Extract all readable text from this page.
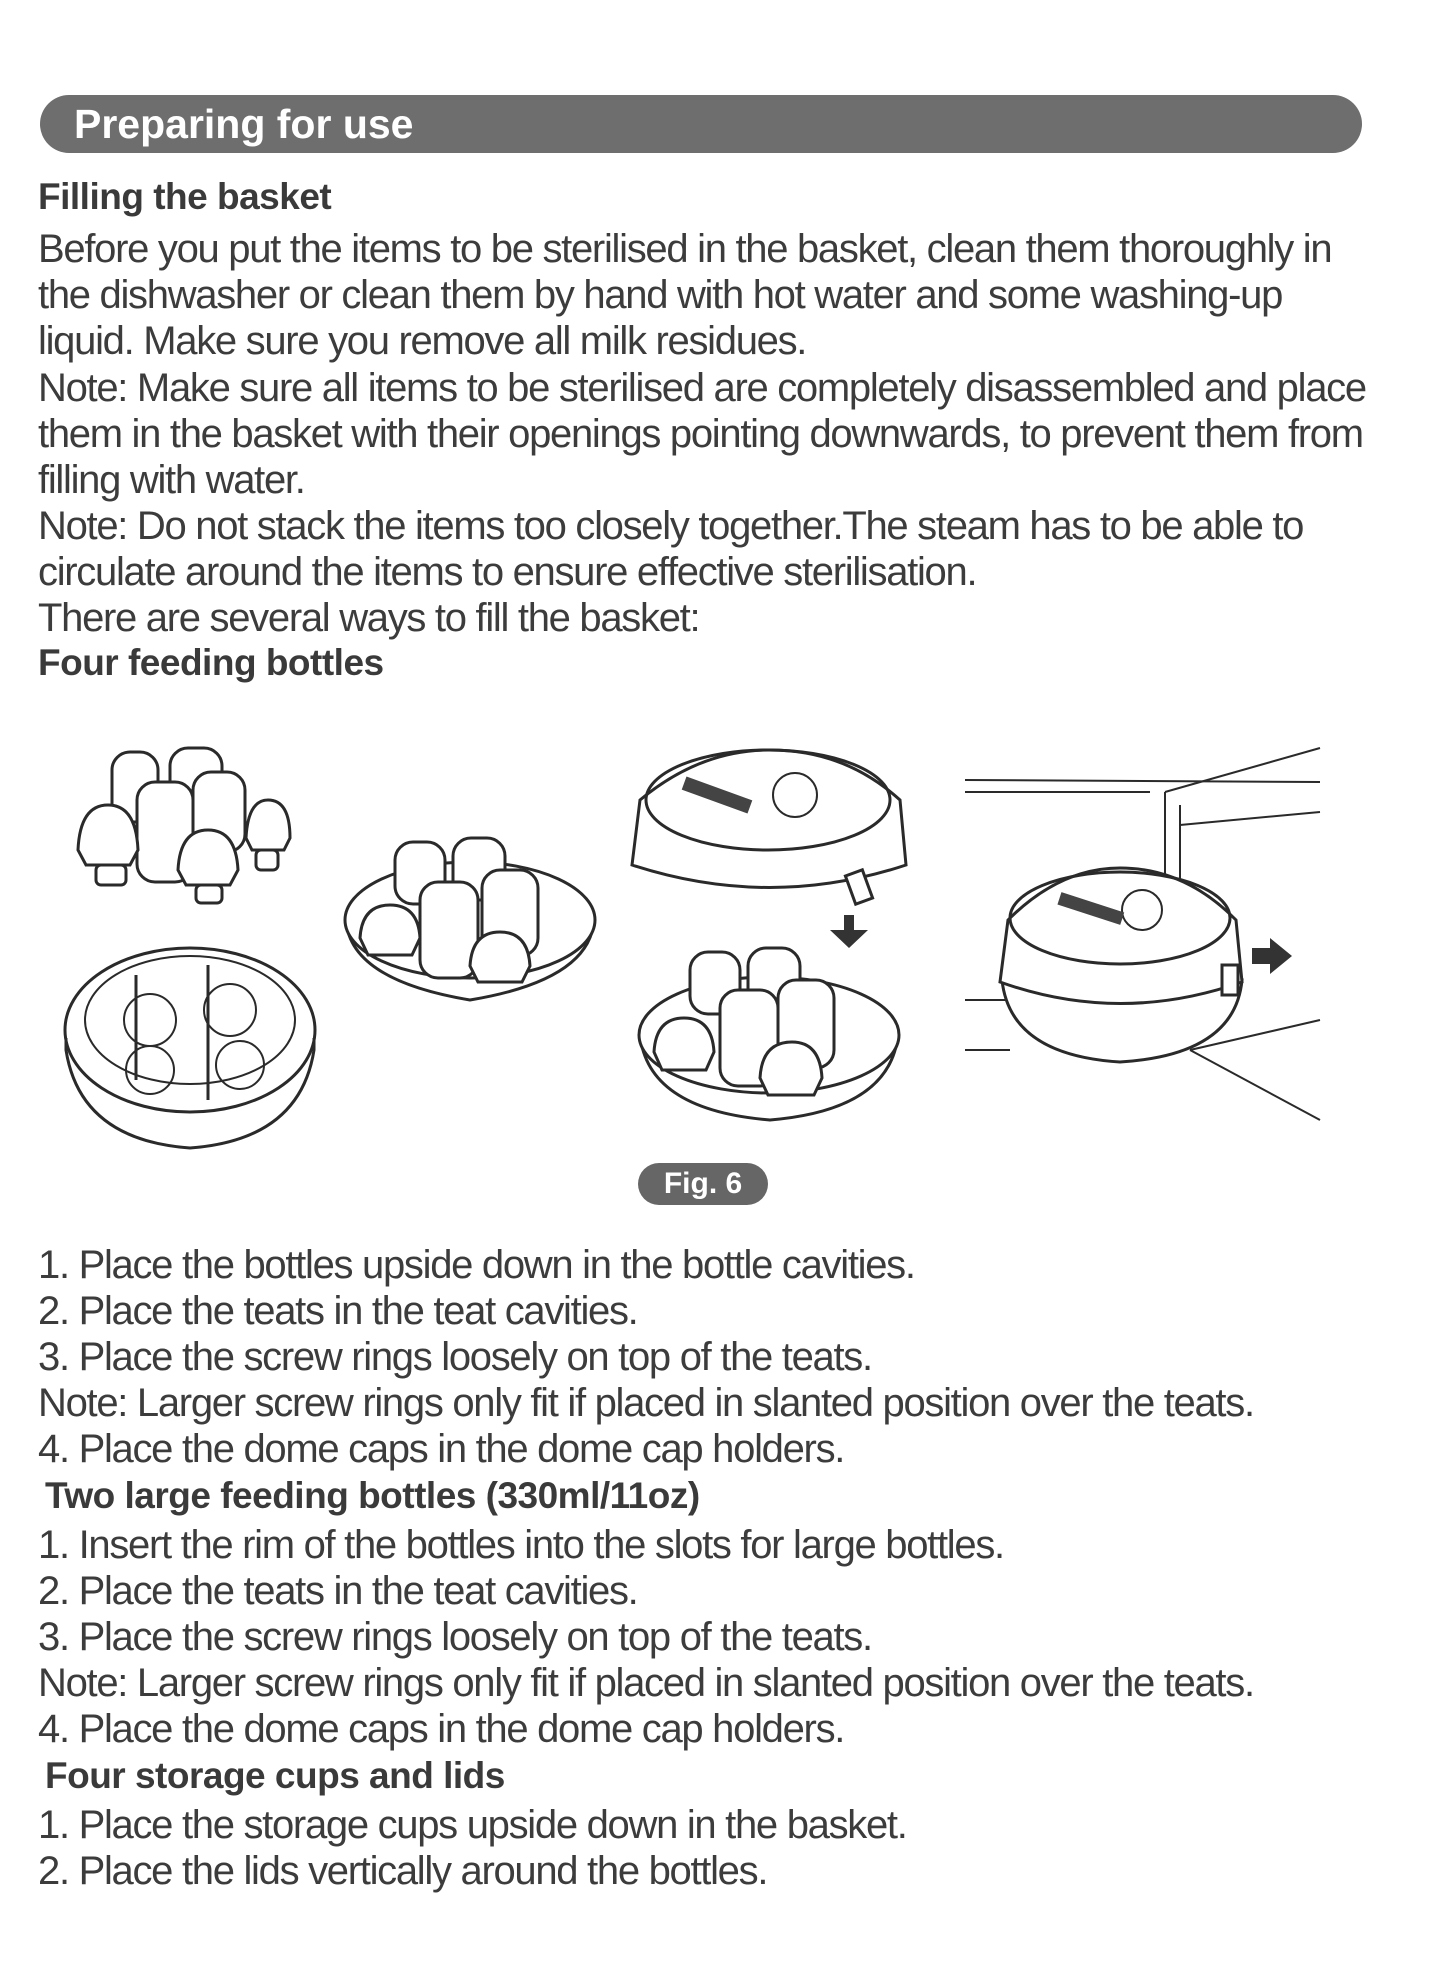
Preparing for use
Filling the basket
Before you put the items to be sterilised in the basket, clean them thoroughly in the dishwasher or clean them by hand with hot water and some washing-up liquid. Make sure you remove all milk residues.
Note: Make sure all items to be sterilised are completely disassembled and place them in the basket with their openings pointing downwards, to prevent them from filling with water.
Note: Do not stack the items too closely together.The steam has to be able to circulate around the items to ensure effective sterilisation.
There are several ways to fill the basket:
Four feeding bottles
Fig. 6
1. Place the bottles upside down in the bottle cavities.
2. Place the teats in the teat cavities.
3. Place the screw rings loosely on top of the teats.
Note: Larger screw rings only fit if placed in slanted position over the teats.
4. Place the dome caps in the dome cap holders.
Two large feeding bottles (330ml/11oz)
1. Insert the rim of the bottles into the slots for large bottles.
2. Place the teats in the teat cavities.
3. Place the screw rings loosely on top of the teats.
Note: Larger screw rings only fit if placed in slanted position over the teats.
4. Place the dome caps in the dome cap holders.
Four storage cups and lids
1. Place the storage cups upside down in the basket.
2. Place the lids vertically around the bottles.
